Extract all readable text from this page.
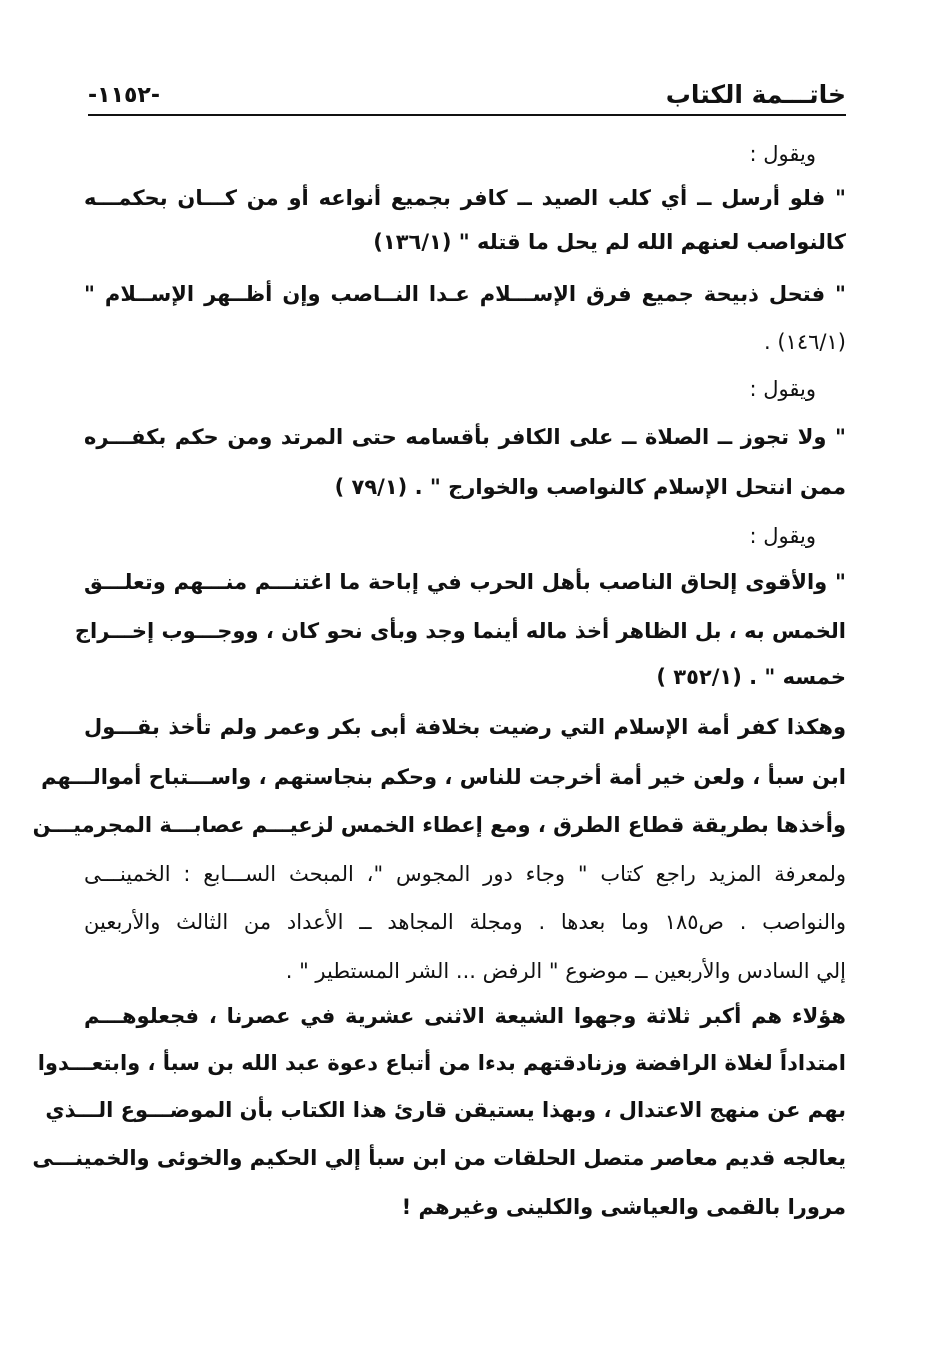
خاتـــمة الكتاب
-١١٥٢-
ويقول :
" فلو أرسل ــ أي كلب الصيد ــ كافر بجميع أنواعه أو من كـــان بحكمـــه
كالنواصب لعنهم الله لم يحل ما قتله " (١٣٦/١)
" فتحل ذبيحة جميع فرق الإســـلام عـدا النــاصب وإن أظــهر الإســلام "
(١٤٦/١) .
ويقول :
" ولا تجوز ــ الصلاة ــ على الكافر بأقسامه حتى المرتد ومن حكم بكفـــره
ممن انتحل الإسلام كالنواصب والخوارج " . (٧٩/١ )
ويقول :
" والأقوى إلحاق الناصب بأهل الحرب في إباحة ما اغتنـــم منـــهم وتعلـــق
الخمس به ، بل الظاهر أخذ ماله أينما وجد وبأى نحو كان ، ووجـــوب إخـــراج
خمسه " . (٣٥٢/١ )
وهكذا كفر أمة الإسلام التي رضيت بخلافة أبى بكر وعمر ولم تأخذ بقـــول
ابن سبأ ، ولعن خير أمة أخرجت للناس ، وحكم بنجاستهم ، واســـتباح أموالـــهم
وأخذها بطريقة قطاع الطرق ، ومع إعطاء الخمس لزعيـــم عصابـــة المجرميـــن
ولمعرفة المزيد راجع كتاب " وجاء دور المجوس "، المبحث الســـابع : الخمينـــى
والنواصب . ص١٨٥ وما بعدها . ومجلة المجاهد ــ الأعداد من الثالث والأربعين
إلي السادس والأربعين ــ موضوع " الرفض ... الشر المستطير " .
هؤلاء هم أكبر ثلاثة وجهوا الشيعة الاثنى عشرية في عصرنا ، فجعلوهـــم
امتداداً لغلاة الرافضة وزنادقتهم بدءا من أتباع دعوة عبد الله بن سبأ ، وابتعـــدوا
بهم عن منهج الاعتدال ، وبهذا يستيقن قارئ هذا الكتاب بأن الموضـــوع الـــذي
يعالجه قديم معاصر متصل الحلقات من ابن سبأ إلي الحكيم والخوئى والخمينـــى
مرورا بالقمى والعياشى والكلينى وغيرهم !
